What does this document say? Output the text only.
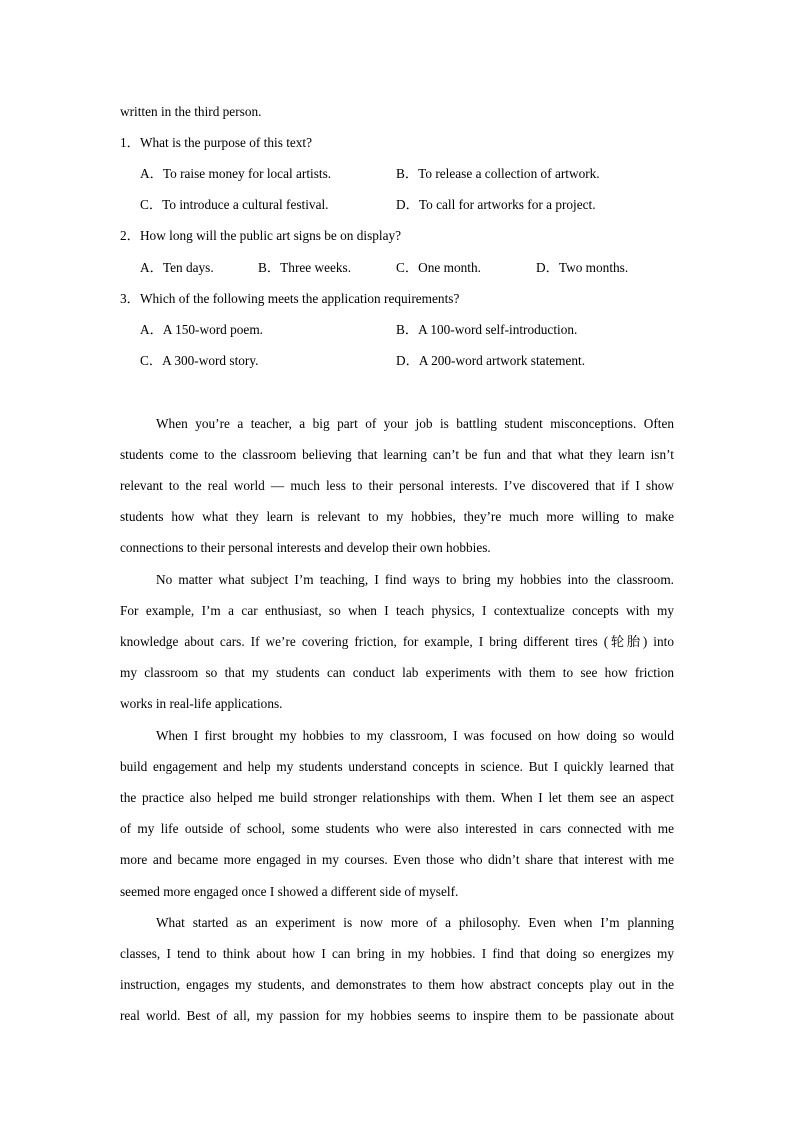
written in the third person.
1．What is the purpose of this text?
A．To raise money for local artists.	B．To release a collection of artwork.
C．To introduce a cultural festival.	D．To call for artworks for a project.
2．How long will the public art signs be on display?
A．Ten days.	B．Three weeks.	C．One month.	D．Two months.
3．Which of the following meets the application requirements?
A．A 150-word poem.	B．A 100-word self-introduction.
C．A 300-word story.	D．A 200-word artwork statement.
When you’re a teacher, a big part of your job is battling student misconceptions. Often
students come to the classroom believing that learning can’t be fun and that what they learn isn’t
relevant to the real world — much less to their personal interests. I’ve discovered that if I show
students how what they learn is relevant to my hobbies, they’re much more willing to make
connections to their personal interests and develop their own hobbies.
No matter what subject I’m teaching, I find ways to bring my hobbies into the classroom.
For example, I’m a car enthusiast, so when I teach physics, I contextualize concepts with my
knowledge about cars. If we’re covering friction, for example, I bring different tires (轮胎) into
my classroom so that my students can conduct lab experiments with them to see how friction
works in real-life applications.
When I first brought my hobbies to my classroom, I was focused on how doing so would
build engagement and help my students understand concepts in science. But I quickly learned that
the practice also helped me build stronger relationships with them. When I let them see an aspect
of my life outside of school, some students who were also interested in cars connected with me
more and became more engaged in my courses. Even those who didn’t share that interest with me
seemed more engaged once I showed a different side of myself.
What started as an experiment is now more of a philosophy. Even when I’m planning
classes, I tend to think about how I can bring in my hobbies. I find that doing so energizes my
instruction, engages my students, and demonstrates to them how abstract concepts play out in the
real world. Best of all, my passion for my hobbies seems to inspire them to be passionate about
